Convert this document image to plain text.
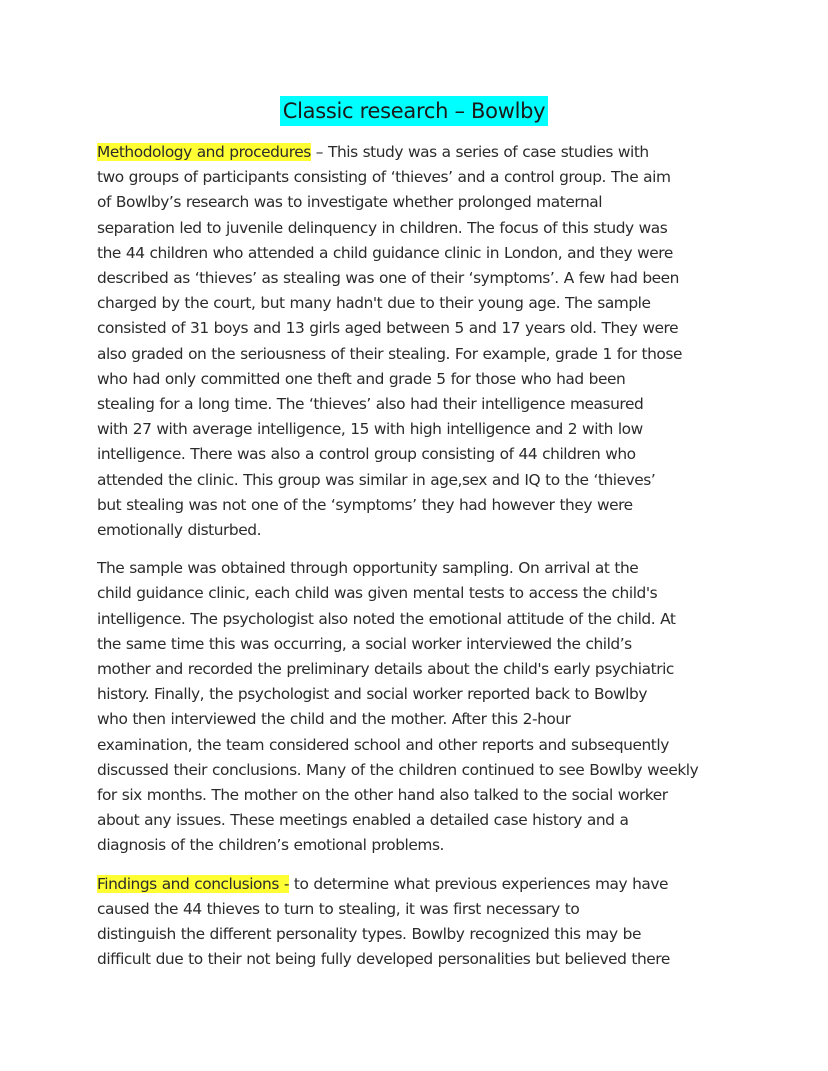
Classic research – Bowlby

Methodology and procedures – This study was a series of case studies with
two groups of participants consisting of ‘thieves’ and a control group. The aim
of Bowlby’s research was to investigate whether prolonged maternal
separation led to juvenile delinquency in children. The focus of this study was
the 44 children who attended a child guidance clinic in London, and they were
described as ‘thieves’ as stealing was one of their ‘symptoms’. A few had been
charged by the court, but many hadn't due to their young age. The sample
consisted of 31 boys and 13 girls aged between 5 and 17 years old. They were
also graded on the seriousness of their stealing. For example, grade 1 for those
who had only committed one theft and grade 5 for those who had been
stealing for a long time. The ‘thieves’ also had their intelligence measured
with 27 with average intelligence, 15 with high intelligence and 2 with low
intelligence. There was also a control group consisting of 44 children who
attended the clinic. This group was similar in age,sex and IQ to the ‘thieves’
but stealing was not one of the ‘symptoms’ they had however they were
emotionally disturbed.

The sample was obtained through opportunity sampling. On arrival at the
child guidance clinic, each child was given mental tests to access the child's
intelligence. The psychologist also noted the emotional attitude of the child. At
the same time this was occurring, a social worker interviewed the child’s
mother and recorded the preliminary details about the child's early psychiatric
history. Finally, the psychologist and social worker reported back to Bowlby
who then interviewed the child and the mother. After this 2-hour
examination, the team considered school and other reports and subsequently
discussed their conclusions. Many of the children continued to see Bowlby weekly
for six months. The mother on the other hand also talked to the social worker
about any issues. These meetings enabled a detailed case history and a
diagnosis of the children’s emotional problems.

Findings and conclusions - to determine what previous experiences may have
caused the 44 thieves to turn to stealing, it was first necessary to
distinguish the different personality types. Bowlby recognized this may be
difficult due to their not being fully developed personalities but believed there
